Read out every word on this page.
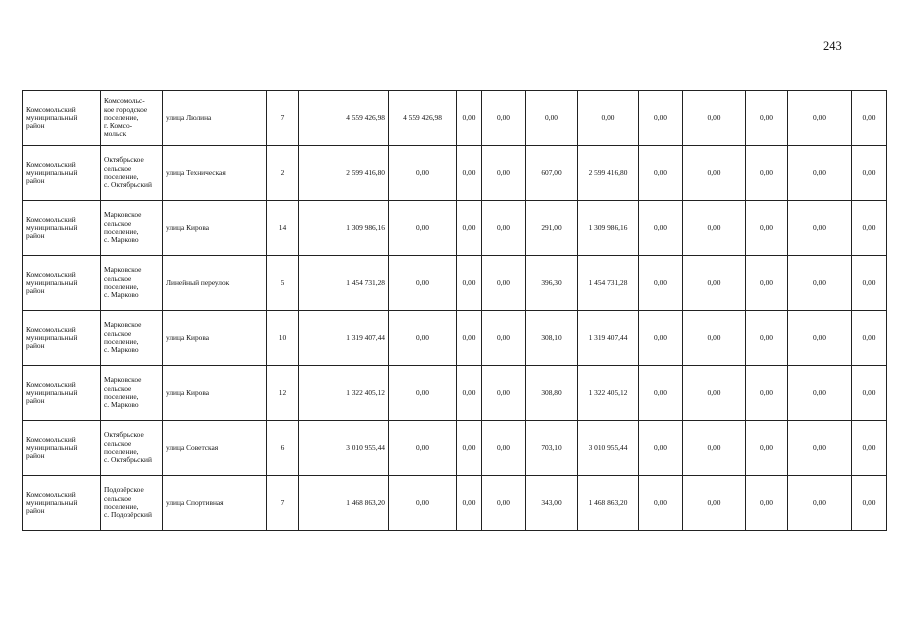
243
Комсомольский
муниципальный
район	Комсомольс-
кое городское
поселение,
г. Комсо-
мольск	улица Люлина	7	4 559 426,98	4 559 426,98	0,00	0,00	0,00	0,00	0,00	0,00	0,00	0,00	0,00

Комсомольский
муниципальный
район	Октябрьское
сельское
поселение,
с. Октябрьский	улица Техническая	2	2 599 416,80	0,00	0,00	0,00	607,00	2 599 416,80	0,00	0,00	0,00	0,00	0,00

Комсомольский
муниципальный
район	Марковское
сельское
поселение,
с. Марково	улица Кирова	14	1 309 986,16	0,00	0,00	0,00	291,00	1 309 986,16	0,00	0,00	0,00	0,00	0,00

Комсомольский
муниципальный
район	Марковское
сельское
поселение,
с. Марково	Линейный переулок	5	1 454 731,28	0,00	0,00	0,00	396,30	1 454 731,28	0,00	0,00	0,00	0,00	0,00

Комсомольский
муниципальный
район	Марковское
сельское
поселение,
с. Марково	улица Кирова	10	1 319 407,44	0,00	0,00	0,00	308,10	1 319 407,44	0,00	0,00	0,00	0,00	0,00

Комсомольский
муниципальный
район	Марковское
сельское
поселение,
с. Марково	улица Кирова	12	1 322 405,12	0,00	0,00	0,00	308,80	1 322 405,12	0,00	0,00	0,00	0,00	0,00

Комсомольский
муниципальный
район	Октябрьское
сельское
поселение,
с. Октябрьский	улица Советская	6	3 010 955,44	0,00	0,00	0,00	703,10	3 010 955,44	0,00	0,00	0,00	0,00	0,00

Комсомольский
муниципальный
район	Подозёрское
сельское
поселение,
с. Подозёрский	улица Спортивная	7	1 468 863,20	0,00	0,00	0,00	343,00	1 468 863,20	0,00	0,00	0,00	0,00	0,00
